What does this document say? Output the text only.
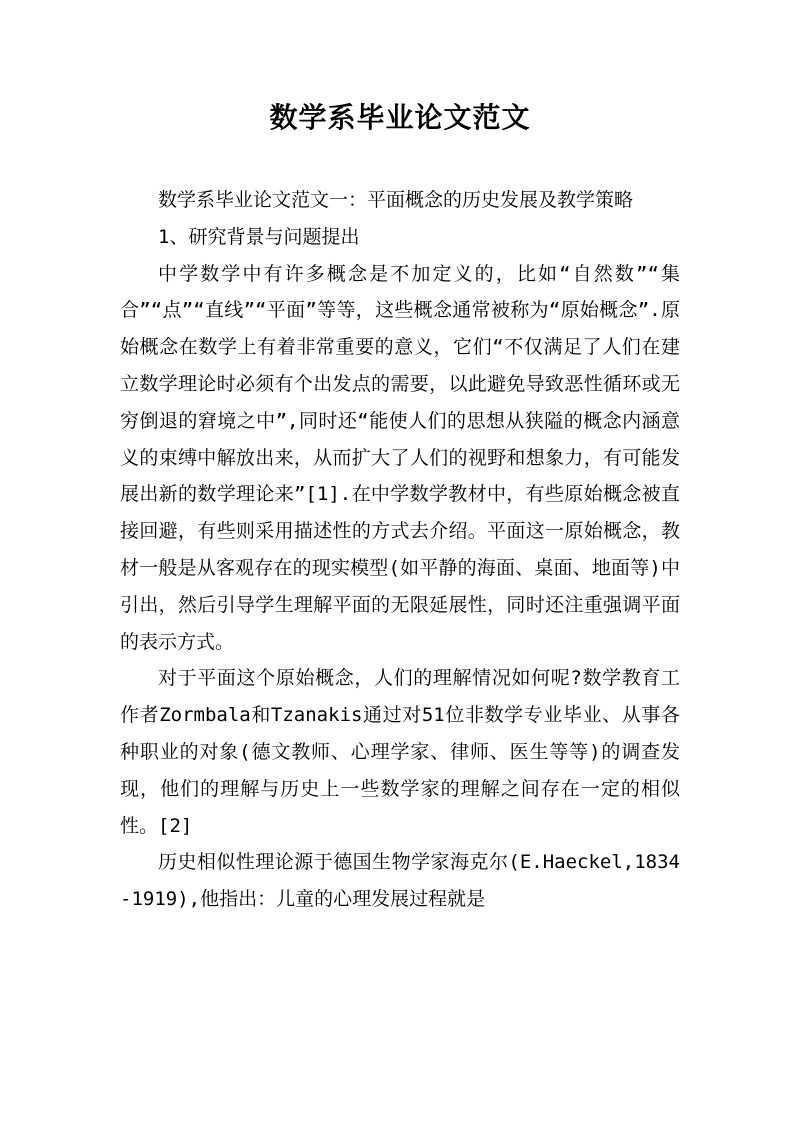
数学系毕业论文范文

数学系毕业论文范文一：平面概念的历史发展及教学策略

1、研究背景与问题提出

中学数学中有许多概念是不加定义的，比如“自然数”“集合”“点”“直线”“平面”等等，这些概念通常被称为“原始概念”.原始概念在数学上有着非常重要的意义，它们“不仅满足了人们在建立数学理论时必须有个出发点的需要，以此避免导致恶性循环或无穷倒退的窘境之中”,同时还“能使人们的思想从狭隘的概念内涵意义的束缚中解放出来，从而扩大了人们的视野和想象力，有可能发展出新的数学理论来”[1].在中学数学教材中，有些原始概念被直接回避，有些则采用描述性的方式去介绍。平面这一原始概念，教材一般是从客观存在的现实模型(如平静的海面、桌面、地面等)中引出，然后引导学生理解平面的无限延展性，同时还注重强调平面的表示方式。

对于平面这个原始概念，人们的理解情况如何呢?数学教育工作者Zormbala和Tzanakis通过对51位非数学专业毕业、从事各种职业的对象(德文教师、心理学家、律师、医生等等)的调查发现，他们的理解与历史上一些数学家的理解之间存在一定的相似性。[2]

历史相似性理论源于德国生物学家海克尔(E.Haeckel,1834-1919),他指出：儿童的心理发展过程就是
